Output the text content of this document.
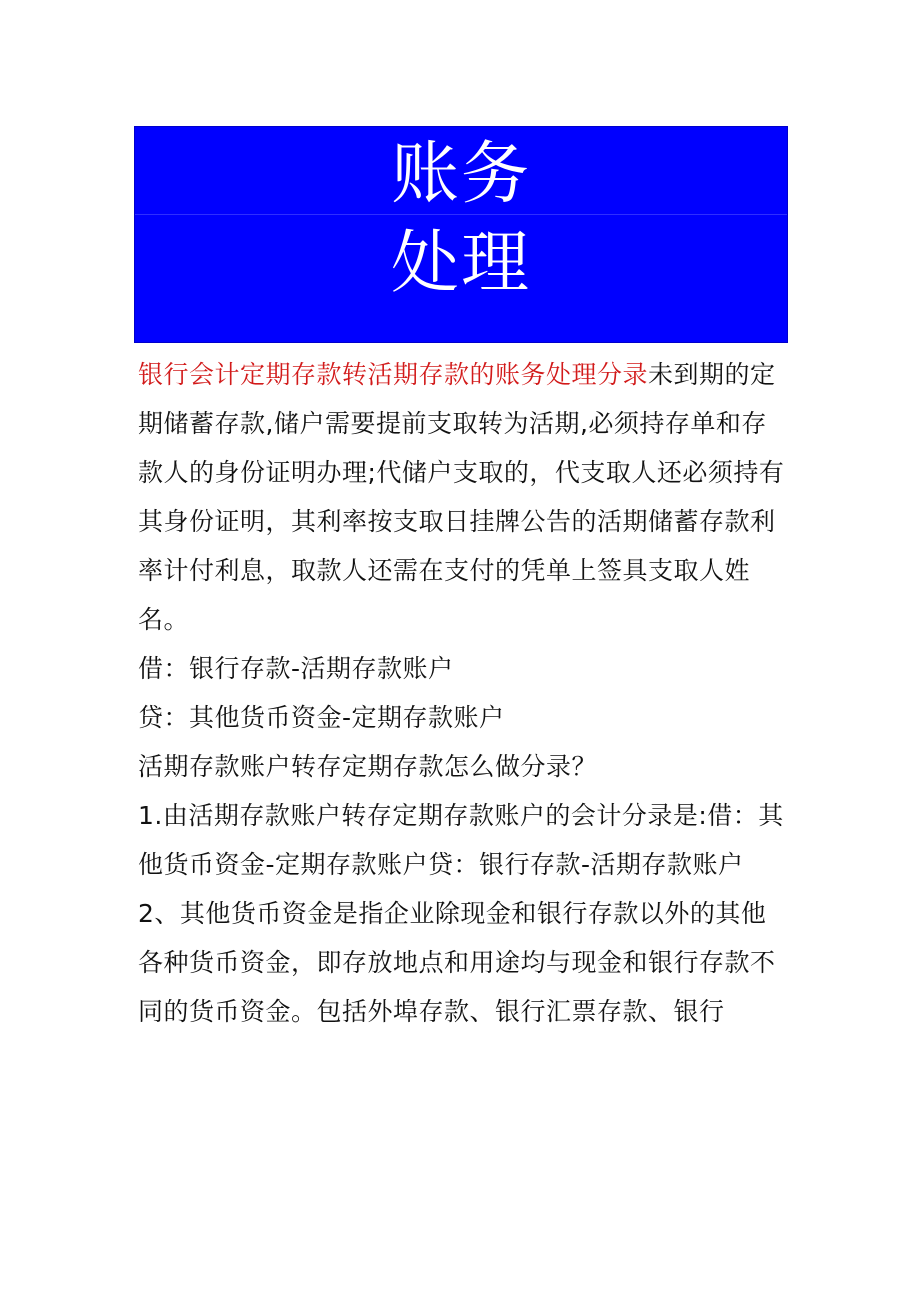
账务
处理

银行会计定期存款转活期存款的账务处理分录未到期的定期储蓄存款,储户需要提前支取转为活期,必须持存单和存款人的身份证明办理;代储户支取的，代支取人还必须持有其身份证明，其利率按支取日挂牌公告的活期储蓄存款利率计付利息，取款人还需在支付的凭单上签具支取人姓名。

借：银行存款-活期存款账户

贷：其他货币资金-定期存款账户

活期存款账户转存定期存款怎么做分录？

1.由活期存款账户转存定期存款账户的会计分录是:借：其他货币资金-定期存款账户贷：银行存款-活期存款账户

2、其他货币资金是指企业除现金和银行存款以外的其他各种货币资金，即存放地点和用途均与现金和银行存款不同的货币资金。包括外埠存款、银行汇票存款、银行
